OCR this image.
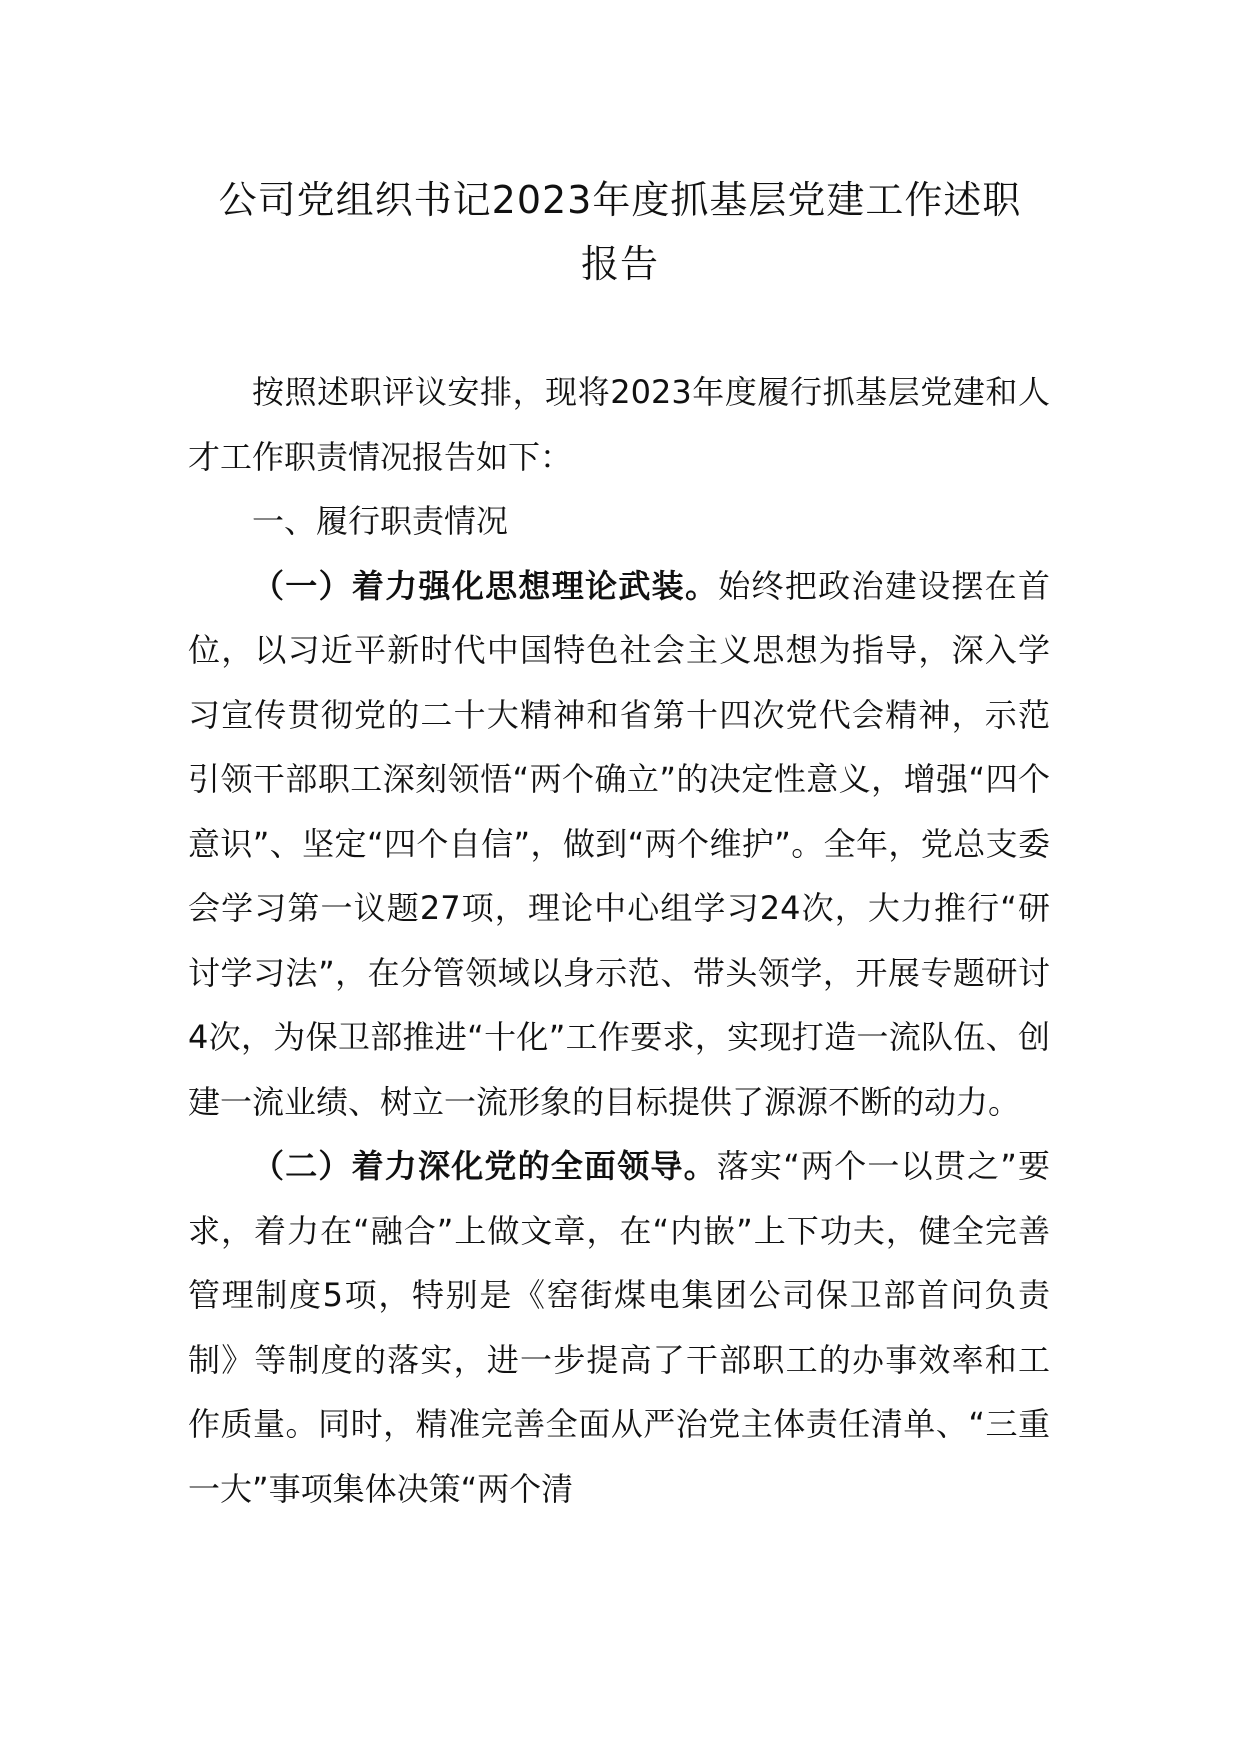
公司党组织书记2023年度抓基层党建工作述职
报告

按照述职评议安排，现将2023年度履行抓基层党建和人才工作职责情况报告如下：

一、履行职责情况

（一）着力强化思想理论武装。始终把政治建设摆在首位，以习近平新时代中国特色社会主义思想为指导，深入学习宣传贯彻党的二十大精神和省第十四次党代会精神，示范引领干部职工深刻领悟“两个确立”的决定性意义，增强“四个意识”、坚定“四个自信”，做到“两个维护”。全年，党总支委会学习第一议题27项，理论中心组学习24次，大力推行“研讨学习法”，在分管领域以身示范、带头领学，开展专题研讨4次，为保卫部推进“十化”工作要求，实现打造一流队伍、创建一流业绩、树立一流形象的目标提供了源源不断的动力。

（二）着力深化党的全面领导。落实“两个一以贯之”要求，着力在“融合”上做文章，在“内嵌”上下功夫，健全完善管理制度5项，特别是《窑街煤电集团公司保卫部首问负责制》等制度的落实，进一步提高了干部职工的办事效率和工作质量。同时，精准完善全面从严治党主体责任清单、“三重一大”事项集体决策“两个清
